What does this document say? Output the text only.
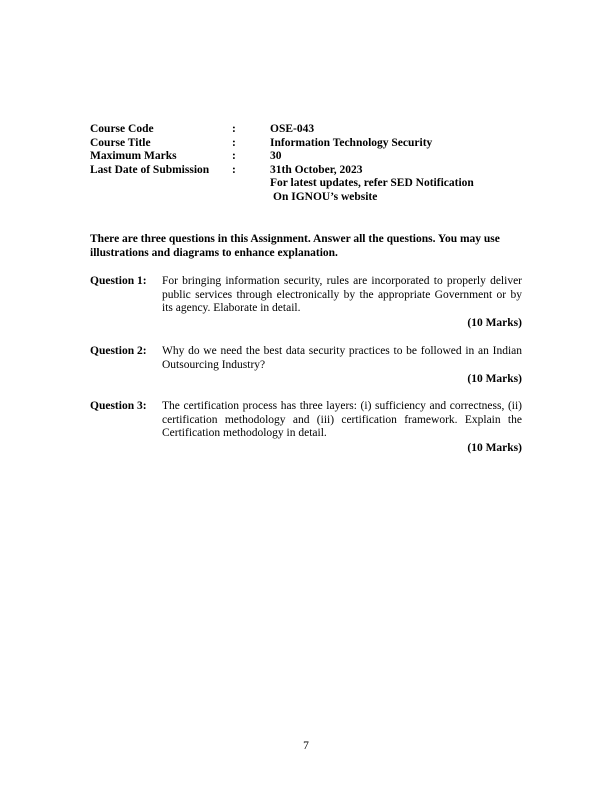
Course Code	:	OSE-043
Course Title	:	Information Technology Security
Maximum Marks	:	30
Last Date of Submission	:	31th October, 2023
For latest updates, refer SED Notification
On IGNOU’s website
There are three questions in this Assignment. Answer all the questions. You may use illustrations and diagrams to enhance explanation.
Question 1:	For bringing information security, rules are incorporated to properly deliver public services through electronically by the appropriate Government or by its agency. Elaborate in detail.
(10 Marks)
Question 2:	Why do we need the best data security practices to be followed in an Indian Outsourcing Industry?
(10 Marks)
Question 3:	The certification process has three layers: (i) sufficiency and correctness, (ii) certification methodology and (iii) certification framework. Explain the Certification methodology in detail.
(10 Marks)
7
